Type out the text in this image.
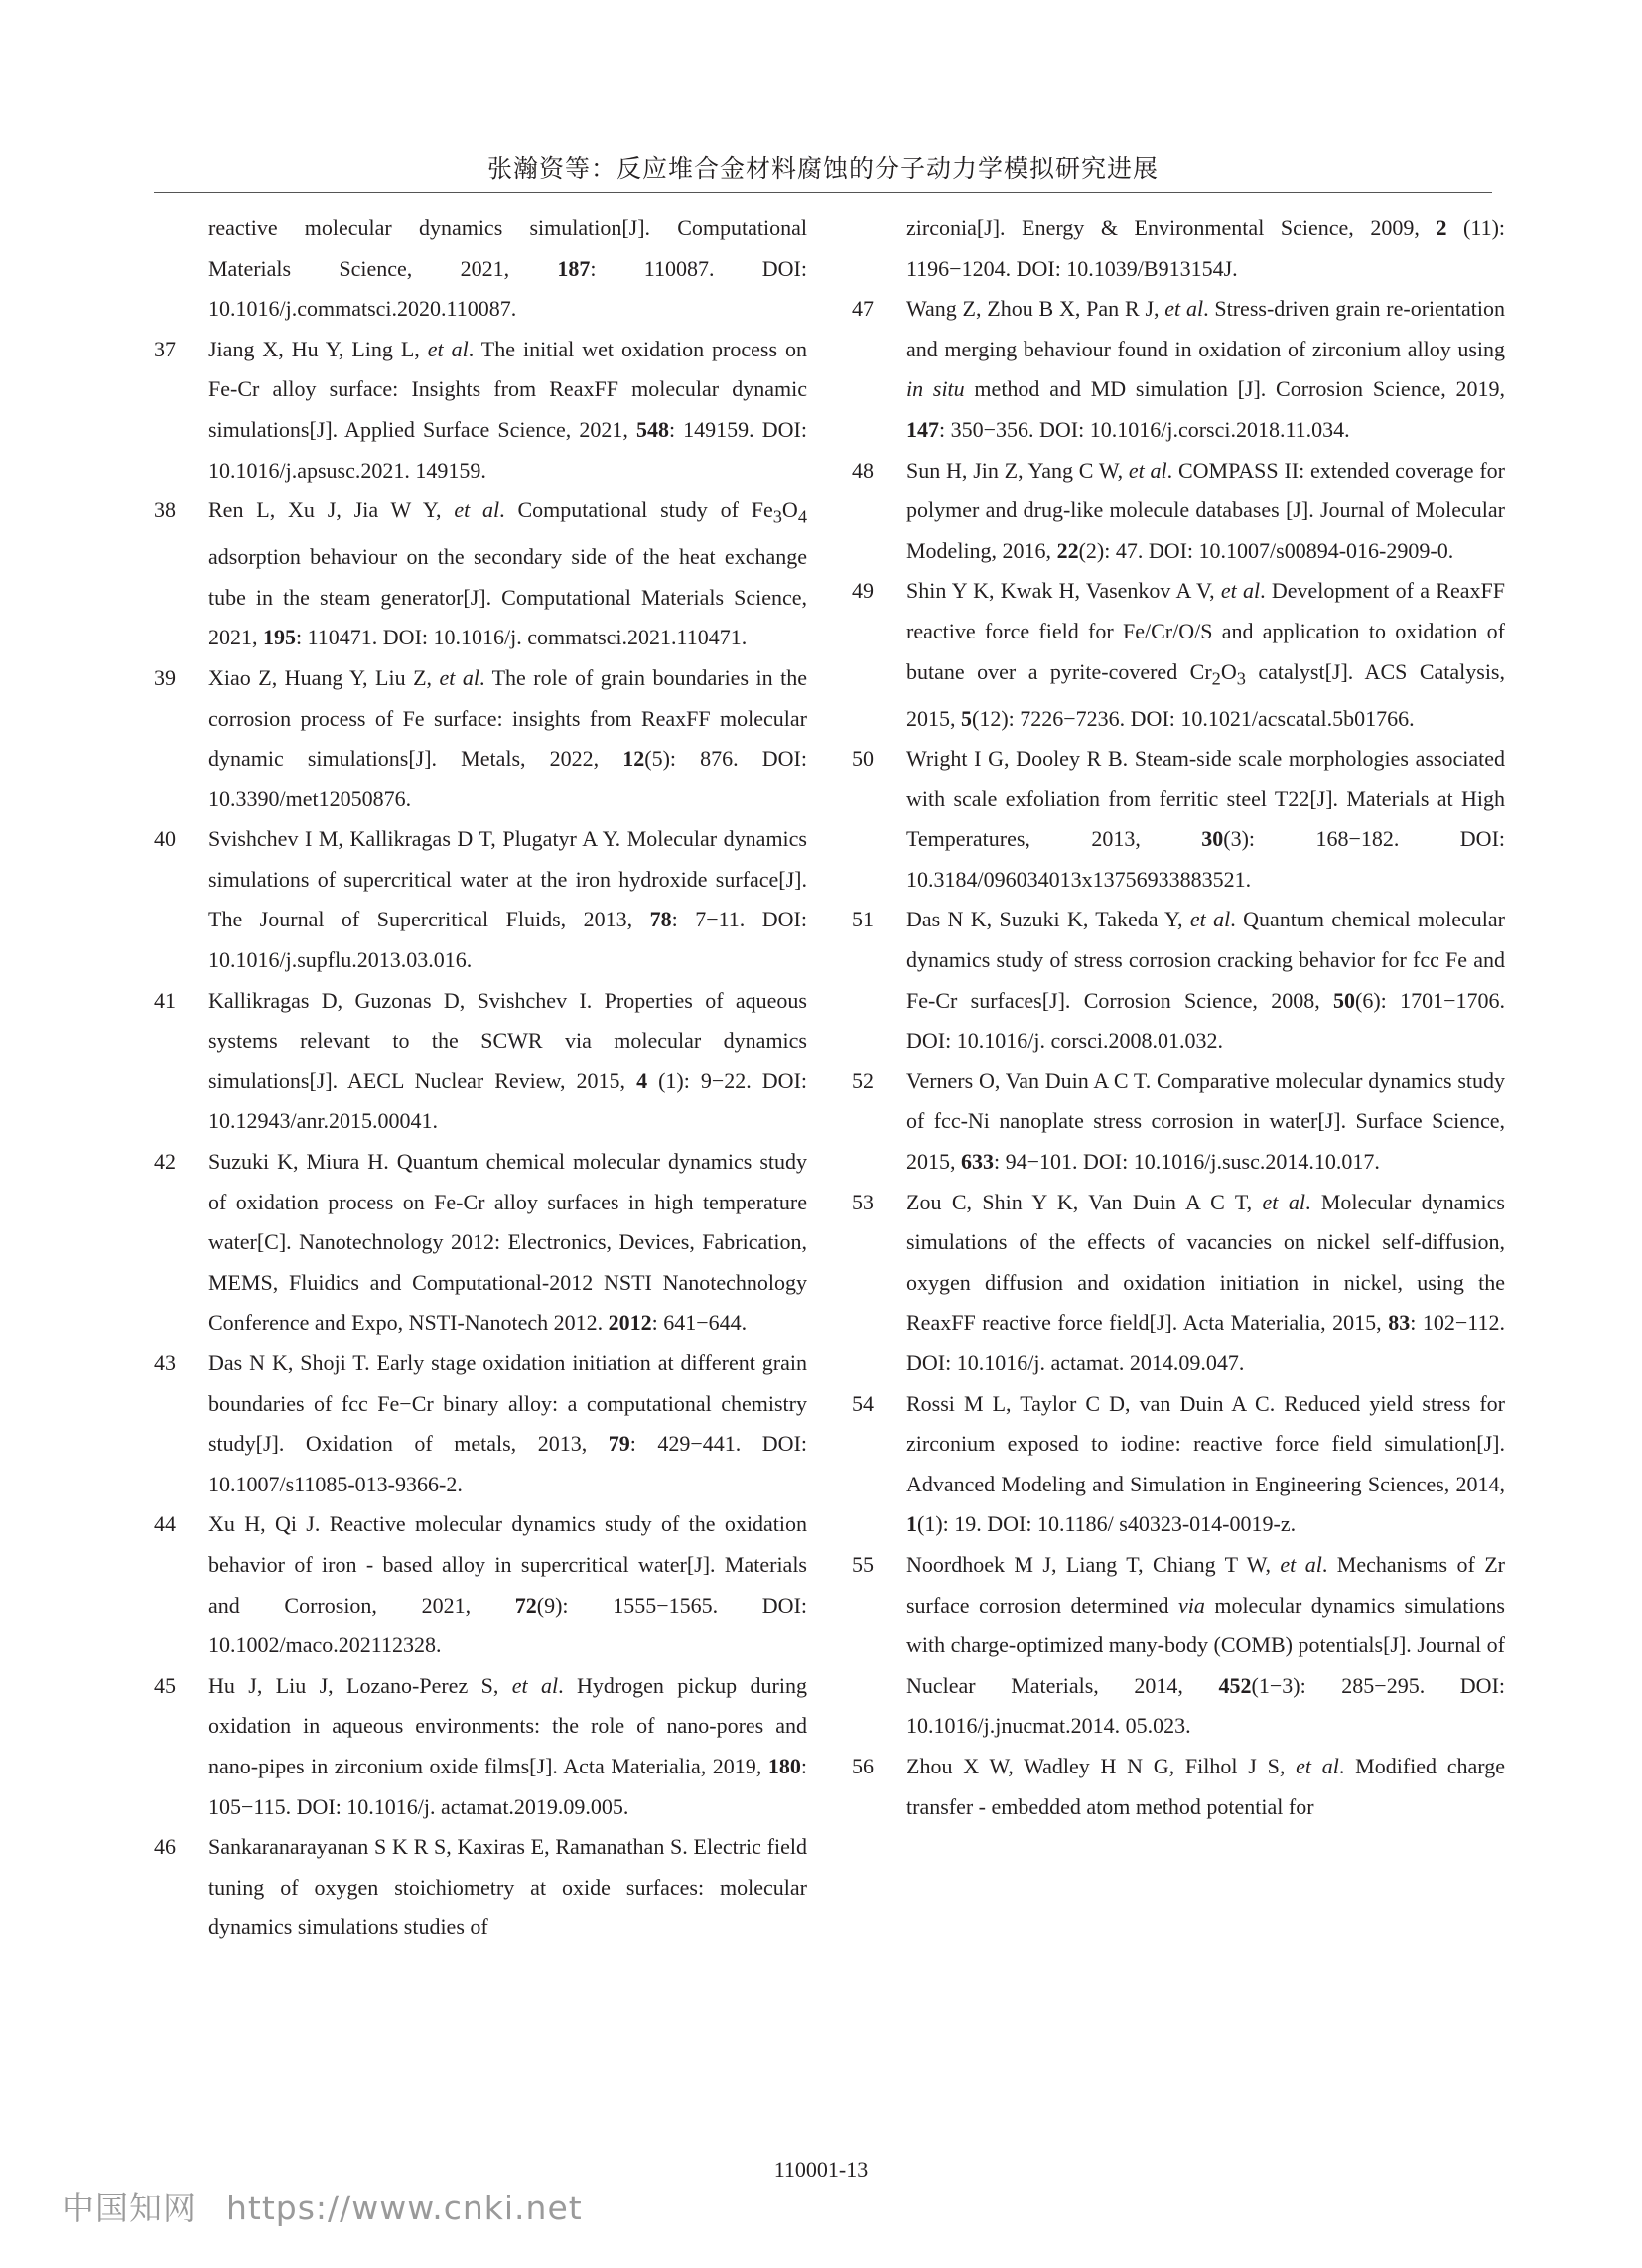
张瀚资等：反应堆合金材料腐蚀的分子动力学模拟研究进展
reactive molecular dynamics simulation[J]. Computational Materials Science, 2021, 187: 110087. DOI: 10.1016/j.commatsci.2020.110087.
37 Jiang X, Hu Y, Ling L, et al. The initial wet oxidation process on Fe-Cr alloy surface: Insights from ReaxFF molecular dynamic simulations[J]. Applied Surface Science, 2021, 548: 149159. DOI: 10.1016/j.apsusc.2021. 149159.
38 Ren L, Xu J, Jia W Y, et al. Computational study of $Fe_3O_4$ adsorption behaviour on the secondary side of the heat exchange tube in the steam generator[J]. Computational Materials Science, 2021, 195: 110471. DOI: 10.1016/j. commatsci.2021.110471.
39 Xiao Z, Huang Y, Liu Z, et al. The role of grain boundaries in the corrosion process of Fe surface: insights from ReaxFF molecular dynamic simulations[J]. Metals, 2022, 12(5): 876. DOI: 10.3390/met12050876.
40 Svishchev I M, Kallikragas D T, Plugatyr A Y. Molecular dynamics simulations of supercritical water at the iron hydroxide surface[J]. The Journal of Supercritical Fluids, 2013, 78: 7−11. DOI: 10.1016/j.supflu.2013.03.016.
41 Kallikragas D, Guzonas D, Svishchev I. Properties of aqueous systems relevant to the SCWR via molecular dynamics simulations[J]. AECL Nuclear Review, 2015, 4 (1): 9−22. DOI: 10.12943/anr.2015.00041.
42 Suzuki K, Miura H. Quantum chemical molecular dynamics study of oxidation process on Fe-Cr alloy surfaces in high temperature water[C]. Nanotechnology 2012: Electronics, Devices, Fabrication, MEMS, Fluidics and Computational-2012 NSTI Nanotechnology Conference and Expo, NSTI-Nanotech 2012. 2012: 641−644.
43 Das N K, Shoji T. Early stage oxidation initiation at different grain boundaries of fcc Fe−Cr binary alloy: a computational chemistry study[J]. Oxidation of metals, 2013, 79: 429−441. DOI: 10.1007/s11085-013-9366-2.
44 Xu H, Qi J. Reactive molecular dynamics study of the oxidation behavior of iron - based alloy in supercritical water[J]. Materials and Corrosion, 2021, 72(9): 1555−1565. DOI: 10.1002/maco.202112328.
45 Hu J, Liu J, Lozano-Perez S, et al. Hydrogen pickup during oxidation in aqueous environments: the role of nano-pores and nano-pipes in zirconium oxide films[J]. Acta Materialia, 2019, 180: 105−115. DOI: 10.1016/j. actamat.2019.09.005.
46 Sankaranarayanan S K R S, Kaxiras E, Ramanathan S. Electric field tuning of oxygen stoichiometry at oxide surfaces: molecular dynamics simulations studies of
zirconia[J]. Energy & Environmental Science, 2009, 2 (11): 1196−1204. DOI: 10.1039/B913154J.
47 Wang Z, Zhou B X, Pan R J, et al. Stress-driven grain re-orientation and merging behaviour found in oxidation of zirconium alloy using in situ method and MD simulation [J]. Corrosion Science, 2019, 147: 350−356. DOI: 10.1016/j.corsci.2018.11.034.
48 Sun H, Jin Z, Yang C W, et al. COMPASS II: extended coverage for polymer and drug-like molecule databases [J]. Journal of Molecular Modeling, 2016, 22(2): 47. DOI: 10.1007/s00894-016-2909-0.
49 Shin Y K, Kwak H, Vasenkov A V, et al. Development of a ReaxFF reactive force field for Fe/Cr/O/S and application to oxidation of butane over a pyrite-covered $Cr_2O_3$ catalyst[J]. ACS Catalysis, 2015, 5(12): 7226−7236. DOI: 10.1021/acscatal.5b01766.
50 Wright I G, Dooley R B. Steam-side scale morphologies associated with scale exfoliation from ferritic steel T22[J]. Materials at High Temperatures, 2013, 30(3): 168−182. DOI: 10.3184/096034013x13756933883521.
51 Das N K, Suzuki K, Takeda Y, et al. Quantum chemical molecular dynamics study of stress corrosion cracking behavior for fcc Fe and Fe-Cr surfaces[J]. Corrosion Science, 2008, 50(6): 1701−1706. DOI: 10.1016/j. corsci.2008.01.032.
52 Verners O, Van Duin A C T. Comparative molecular dynamics study of fcc-Ni nanoplate stress corrosion in water[J]. Surface Science, 2015, 633: 94−101. DOI: 10.1016/j.susc.2014.10.017.
53 Zou C, Shin Y K, Van Duin A C T, et al. Molecular dynamics simulations of the effects of vacancies on nickel self-diffusion, oxygen diffusion and oxidation initiation in nickel, using the ReaxFF reactive force field[J]. Acta Materialia, 2015, 83: 102−112. DOI: 10.1016/j. actamat. 2014.09.047.
54 Rossi M L, Taylor C D, van Duin A C. Reduced yield stress for zirconium exposed to iodine: reactive force field simulation[J]. Advanced Modeling and Simulation in Engineering Sciences, 2014, 1(1): 19. DOI: 10.1186/ s40323-014-0019-z.
55 Noordhoek M J, Liang T, Chiang T W, et al. Mechanisms of Zr surface corrosion determined via molecular dynamics simulations with charge-optimized many-body (COMB) potentials[J]. Journal of Nuclear Materials, 2014, 452(1−3): 285−295. DOI: 10.1016/j.jnucmat.2014. 05.023.
56 Zhou X W, Wadley H N G, Filhol J S, et al. Modified charge transfer - embedded atom method potential for
110001-13
中国知网 https://www.cnki.net
